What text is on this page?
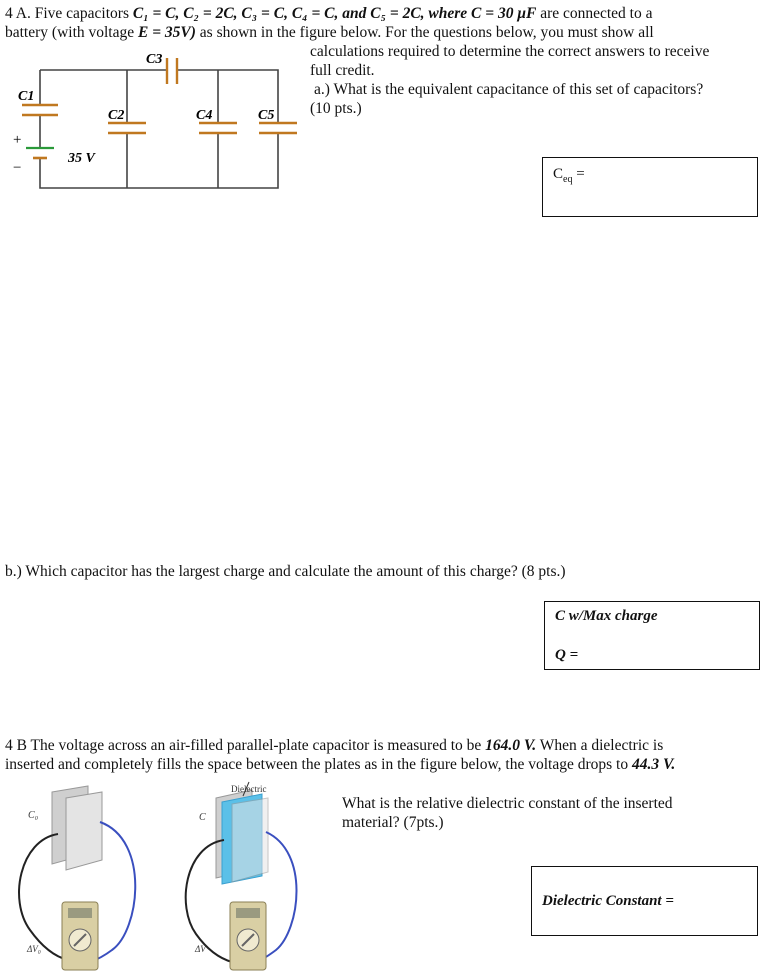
4 A. Five capacitors C₁ = C, C₂ = 2C, C₃ = C, C₄ = C, and C₅ = 2C, where C = 30 μF are connected to a
battery (with voltage E = 35V) as shown in the figure below. For the questions below, you must show all
calculations required to determine the correct answers to receive
full credit.
a.) What is the equivalent capacitance of this set of capacitors?
(10 pts.)
C3
C1
C2	C4	C5
+
−
35 V
$C_{eq}$ =
b.) Which capacitor has the largest charge and calculate the amount of this charge? (8 pts.)
C w/Max charge
Q =
4 B The voltage across an air-filled parallel-plate capacitor is measured to be 164.0 V. When a dielectric is
inserted and completely fills the space between the plates as in the figure below, the voltage drops to 44.3 V.
What is the relative dielectric constant of the inserted
material? (7pts.)
Dielectric Constant =
Dielectric
C₀	C
ΔV₀	ΔV
